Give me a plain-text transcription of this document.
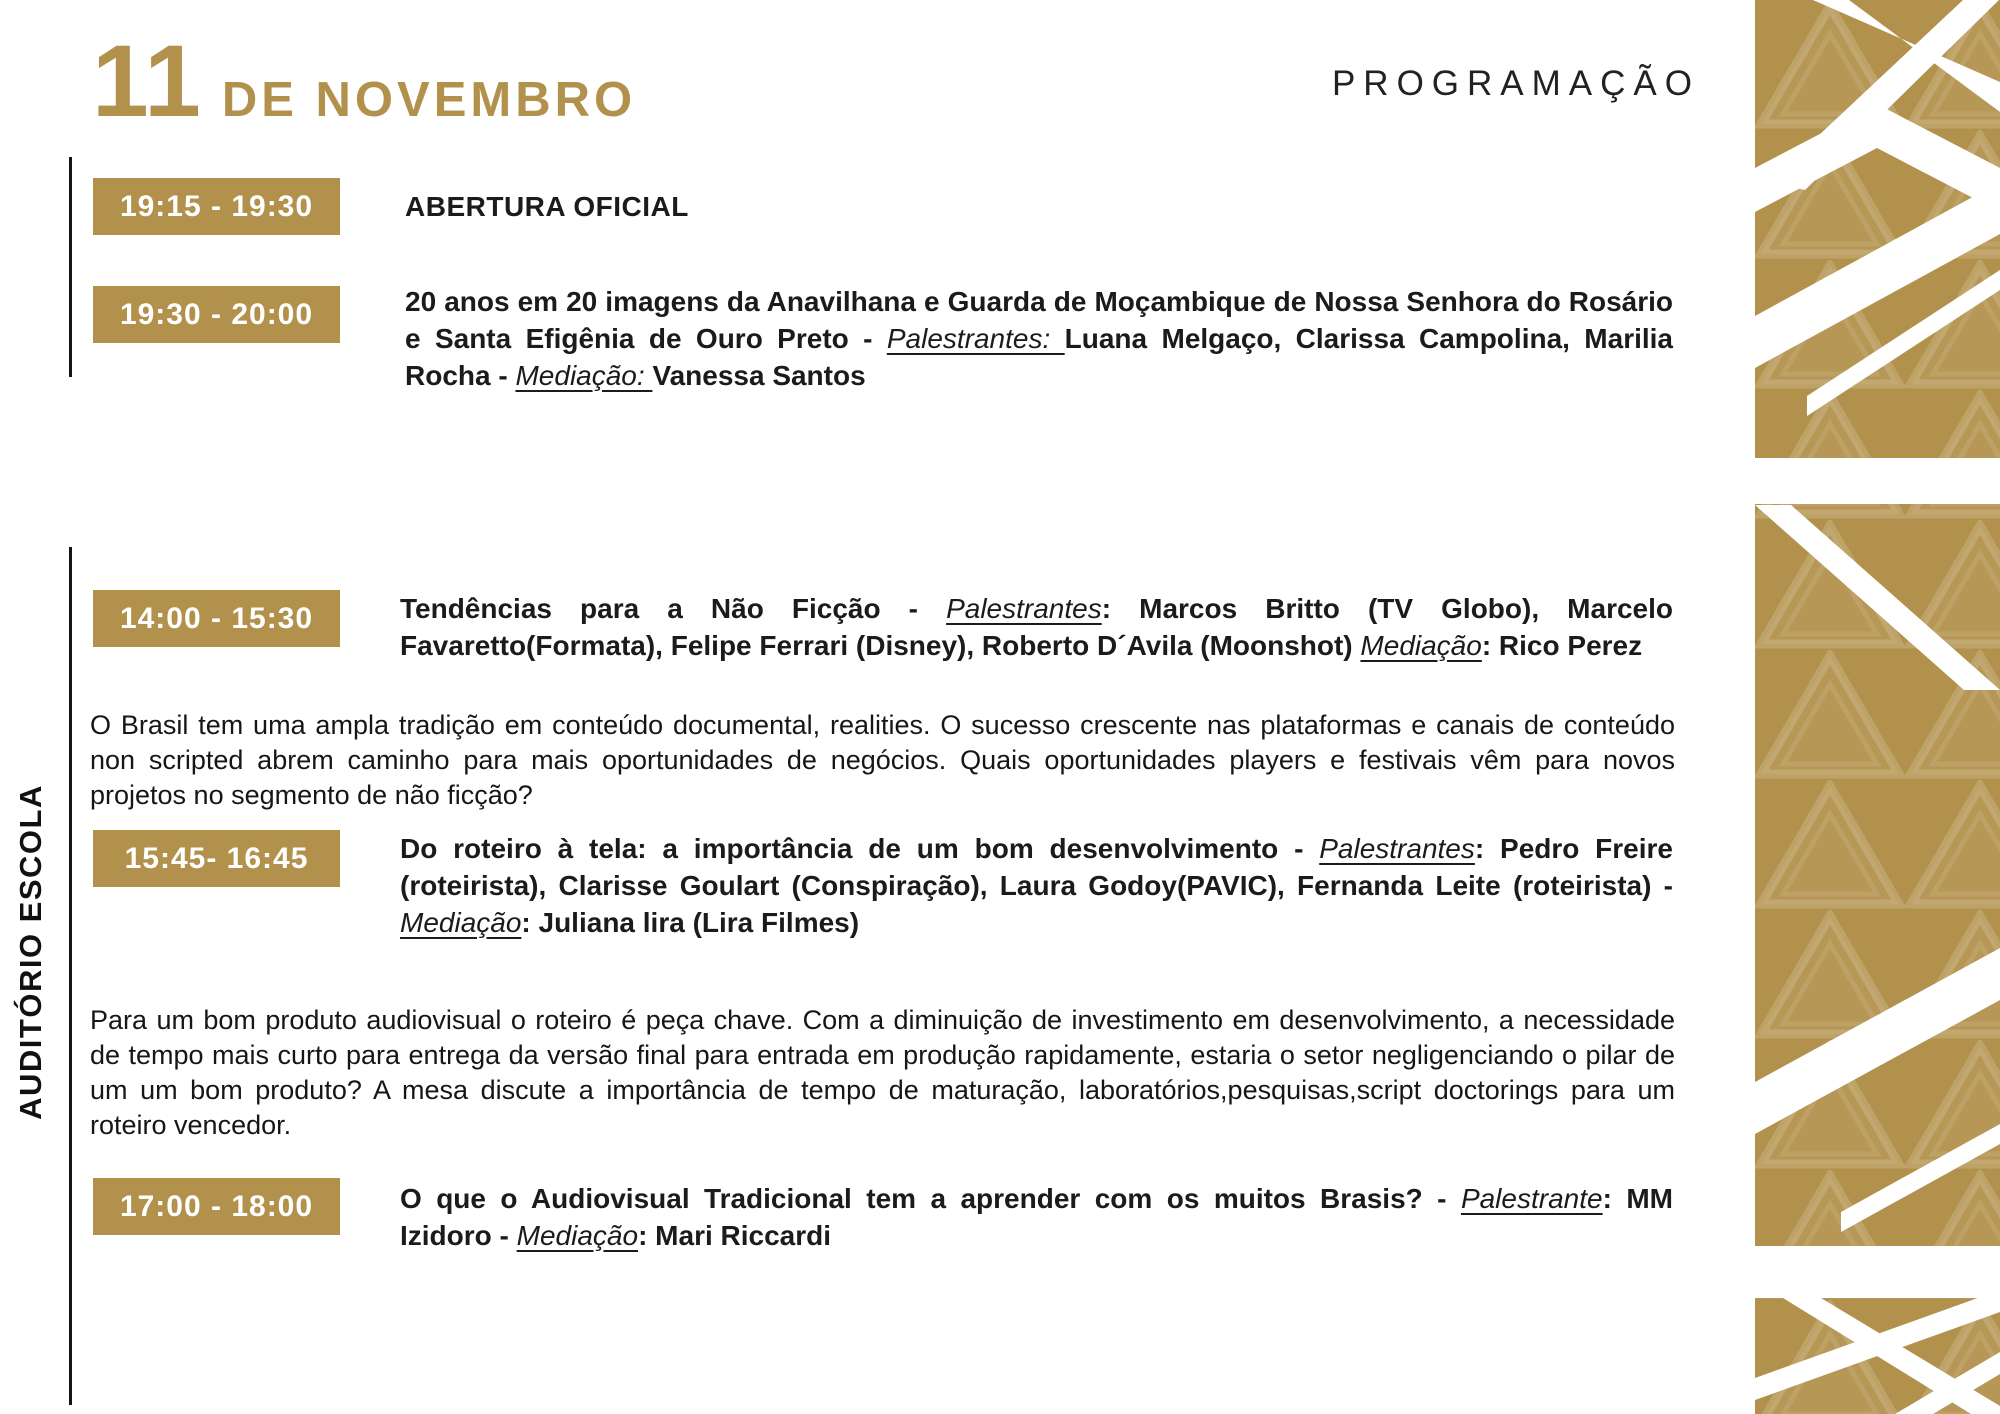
11 DE NOVEMBRO	PROGRAMAÇÃO
AUDITÓRIO ESCOLA
19:15 - 19:30	ABERTURA OFICIAL
19:30 - 20:00	20 anos em 20 imagens da Anavilhana e Guarda de Moçambique de Nossa Senhora do Rosário e Santa Efigênia de Ouro Preto - Palestrantes: Luana Melgaço, Clarissa Campolina, Marilia Rocha - Mediação: Vanessa Santos
14:00 - 15:30	Tendências para a Não Ficção - Palestrantes: Marcos Britto (TV Globo), Marcelo Favaretto(Formata), Felipe Ferrari (Disney), Roberto D´Avila (Moonshot) Mediação: Rico Perez
O Brasil tem uma ampla tradição em conteúdo documental, realities. O sucesso crescente nas plataformas e canais de conteúdo non scripted abrem caminho para mais oportunidades de negócios. Quais oportunidades players e festivais vêm para novos projetos no segmento de não ficção?
15:45- 16:45	Do roteiro à tela: a importância de um bom desenvolvimento - Palestrantes: Pedro Freire (roteirista), Clarisse Goulart (Conspiração), Laura Godoy(PAVIC), Fernanda Leite (roteirista) - Mediação: Juliana lira (Lira Filmes)
Para um bom produto audiovisual o roteiro é peça chave. Com a diminuição de investimento em desenvolvimento, a necessidade de tempo mais curto para entrega da versão final para entrada em produção rapidamente, estaria o setor negligenciando o pilar de um um bom produto? A mesa discute a importância de tempo de maturação, laboratórios,pesquisas,script doctorings para um roteiro vencedor.
17:00 - 18:00	O que o Audiovisual Tradicional tem a aprender com os muitos Brasis? - Palestrante: MM Izidoro - Mediação: Mari Riccardi
